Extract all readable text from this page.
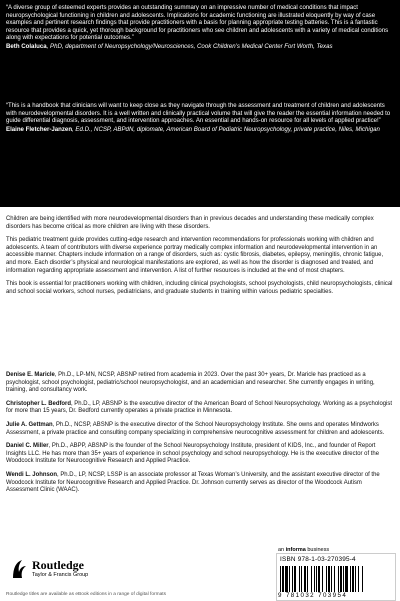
“A diverse group of esteemed experts provides an outstanding summary on an impressive number of medical conditions that impact neuropsychological functioning in children and adolescents. Implications for academic functioning are illustrated eloquently by way of case examples and pertinent research findings that provide practitioners with a basis for planning appropriate testing batteries. This is a fantastic resource that provides a quick, yet thorough background for practitioners who see children and adolescents with a variety of medical conditions along with expectations for potential outcomes.”

Beth Colaluca, PhD, department of Neuropsychology/Neurosciences, Cook Children’s Medical Center Fort Worth, Texas

“This is a handbook that clinicians will want to keep close as they navigate through the assessment and treatment of children and adolescents with neurodevelopmental disorders. It is a well written and clinically practical volume that will give the reader the essential information needed to guide differential diagnosis, assessment, and intervention approaches. An essential and hands-on resource for all levels of applied practice!”

Elaine Fletcher-Janzen, Ed.D., NCSP, ABPdN, diplomate, American Board of Pediatric Neuropsychology, private practice, Niles, Michigan

Children are being identified with more neurodevelopmental disorders than in previous decades and understanding these medically complex disorders has become critical as more children are living with these disorders.

This pediatric treatment guide provides cutting-edge research and intervention recommendations for professionals working with children and adolescents. A team of contributors with diverse experience portray medically complex information and neurodevelopmental intervention in an accessible manner. Chapters include information on a range of disorders, such as: cystic fibrosis, diabetes, epilepsy, meningitis, chronic fatigue, and more. Each disorder’s physical and neurological manifestations are explored, as well as how the disorder is diagnosed and treated, and information regarding appropriate assessment and intervention. A list of further resources is included at the end of most chapters.

This book is essential for practitioners working with children, including clinical psychologists, school psychologists, child neuropsychologists, clinical and school social workers, school nurses, pediatricians, and graduate students in training within various pediatric specialties.

Denise E. Maricle, Ph.D., LP-MN, NCSP, ABSNP retired from academia in 2023. Over the past 30+ years, Dr. Maricle has practiced as a psychologist, school psychologist, pediatric/school neuropsychologist, and an academician and researcher. She currently engages in writing, training, and consultancy work.

Christopher L. Bedford, Ph.D., LP, ABSNP is the executive director of the American Board of School Neuropsychology. Working as a psychologist for more than 15 years, Dr. Bedford currently operates a private practice in Minnesota.

Julie A. Gettman, Ph.D., NCSP, ABSNP is the executive director of the School Neuropsychology Institute. She owns and operates Mindworks Assessment, a private practice and consulting company specializing in comprehensive neurocognitive assessment for children and adolescents.

Daniel C. Miller, Ph.D., ABPP, ABSNP is the founder of the School Neuropsychology Institute, president of KIDS, Inc., and founder of Report Insights LLC. He has more than 35+ years of experience in school psychology and school neuropsychology. He is the executive director of the Woodcock Institute for Neurocognitive Research and Applied Practice.

Wendi L. Johnson, Ph.D., LP, NCSP, LSSP is an associate professor at Texas Woman’s University, and the assistant executive director of the Woodcock Institute for Neurocognitive Research and Applied Practice. Dr. Johnson currently serves as director of the Woodcock Autism Assessment Clinic (WAAC).

Routledge
Taylor & Francis Group
Routledge titles are available as eBook editions in a range of digital formats
an informa business
ISBN 978-1-03-270395-4
9 781032 703954
